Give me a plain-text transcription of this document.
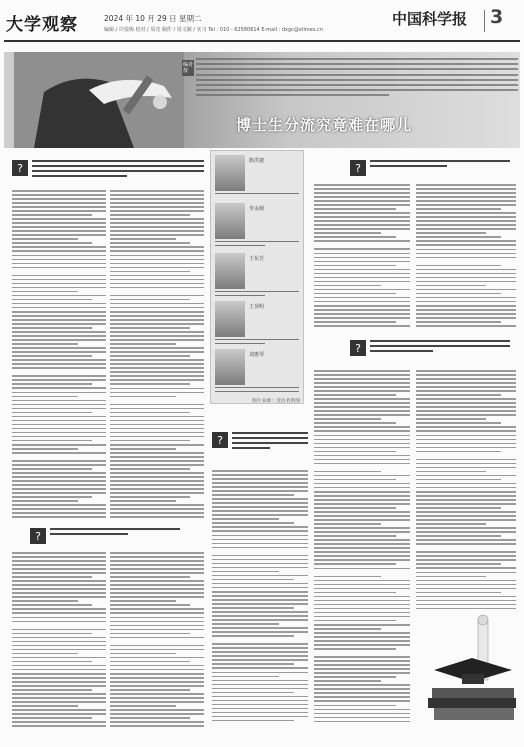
大学观察	2024 年 10 月 29 日 星期二
编辑 / 许悦梅 校对 / 周竞 制作 / 周文颖 / 实习 Tel : 010 - 62580614 E-mail : dxgc@stimes.cn
中国科学报 3
编者按
博士生分流究竟难在哪儿
?
?
陈洪捷
李永刚
王东芳
王顶明
刘惠琴
图片来源：受访者供图
?
?
?
